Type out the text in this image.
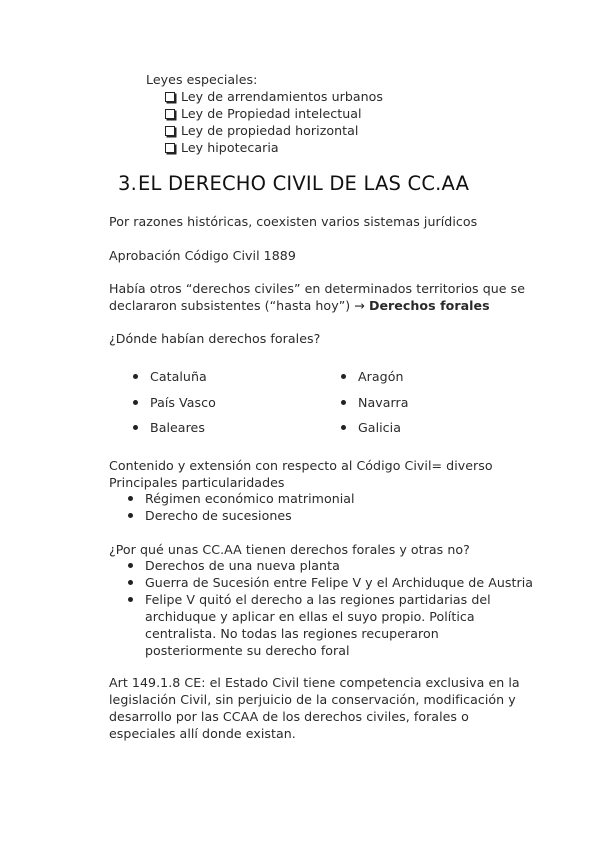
Leyes especiales:
Ley de arrendamientos urbanos
Ley de Propiedad intelectual
Ley de propiedad horizontal
Ley hipotecaria
3. EL DERECHO CIVIL DE LAS CC.AA
Por razones históricas, coexisten varios sistemas jurídicos
Aprobación Código Civil 1889
Había otros “derechos civiles” en determinados territorios que se
declararon subsistentes (“hasta hoy”) → Derechos forales
¿Dónde habían derechos forales?
Cataluña
País Vasco
Baleares
Aragón
Navarra
Galicia
Contenido y extensión con respecto al Código Civil= diverso
Principales particularidades
Régimen económico matrimonial
Derecho de sucesiones
¿Por qué unas CC.AA tienen derechos forales y otras no?
Derechos de una nueva planta
Guerra de Sucesión entre Felipe V y el Archiduque de Austria
Felipe V quitó el derecho a las regiones partidarias del
archiduque y aplicar en ellas el suyo propio. Política
centralista. No todas las regiones recuperaron
posteriormente su derecho foral
Art 149.1.8 CE: el Estado Civil tiene competencia exclusiva en la
legislación Civil, sin perjuicio de la conservación, modificación y
desarrollo por las CCAA de los derechos civiles, forales o
especiales allí donde existan.
